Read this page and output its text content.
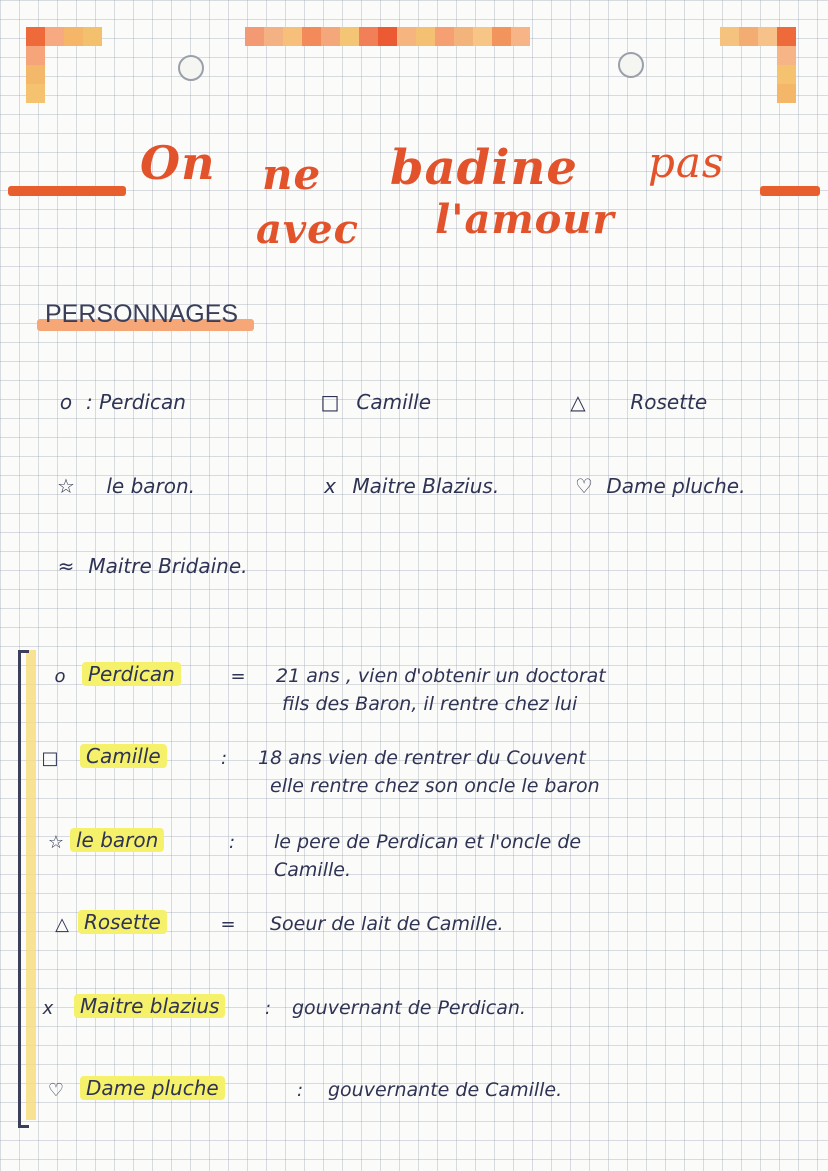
On ne badine pas
avec l'amour
PERSONNAGES
o : Perdican	□ Camille	△ Rosette
☆ le baron.	x Maitre Blazius.	♡ Dame pluche.
≈ Maitre Bridaine.
o	Perdican	= 21 ans , vien d'obtenir un doctorat
fils des Baron, il rentre chez lui
□	Camille	:	18 ans vien de rentrer du Couvent
elle rentre chez son oncle le baron
☆ le baron	:	le pere de Perdican et l'oncle de
Camille.
△ Rosette	= Soeur de lait de Camille.
x	Maitre blazius	:	gouvernant de Perdican.
♡	Dame pluche	:	gouvernante de Camille.
